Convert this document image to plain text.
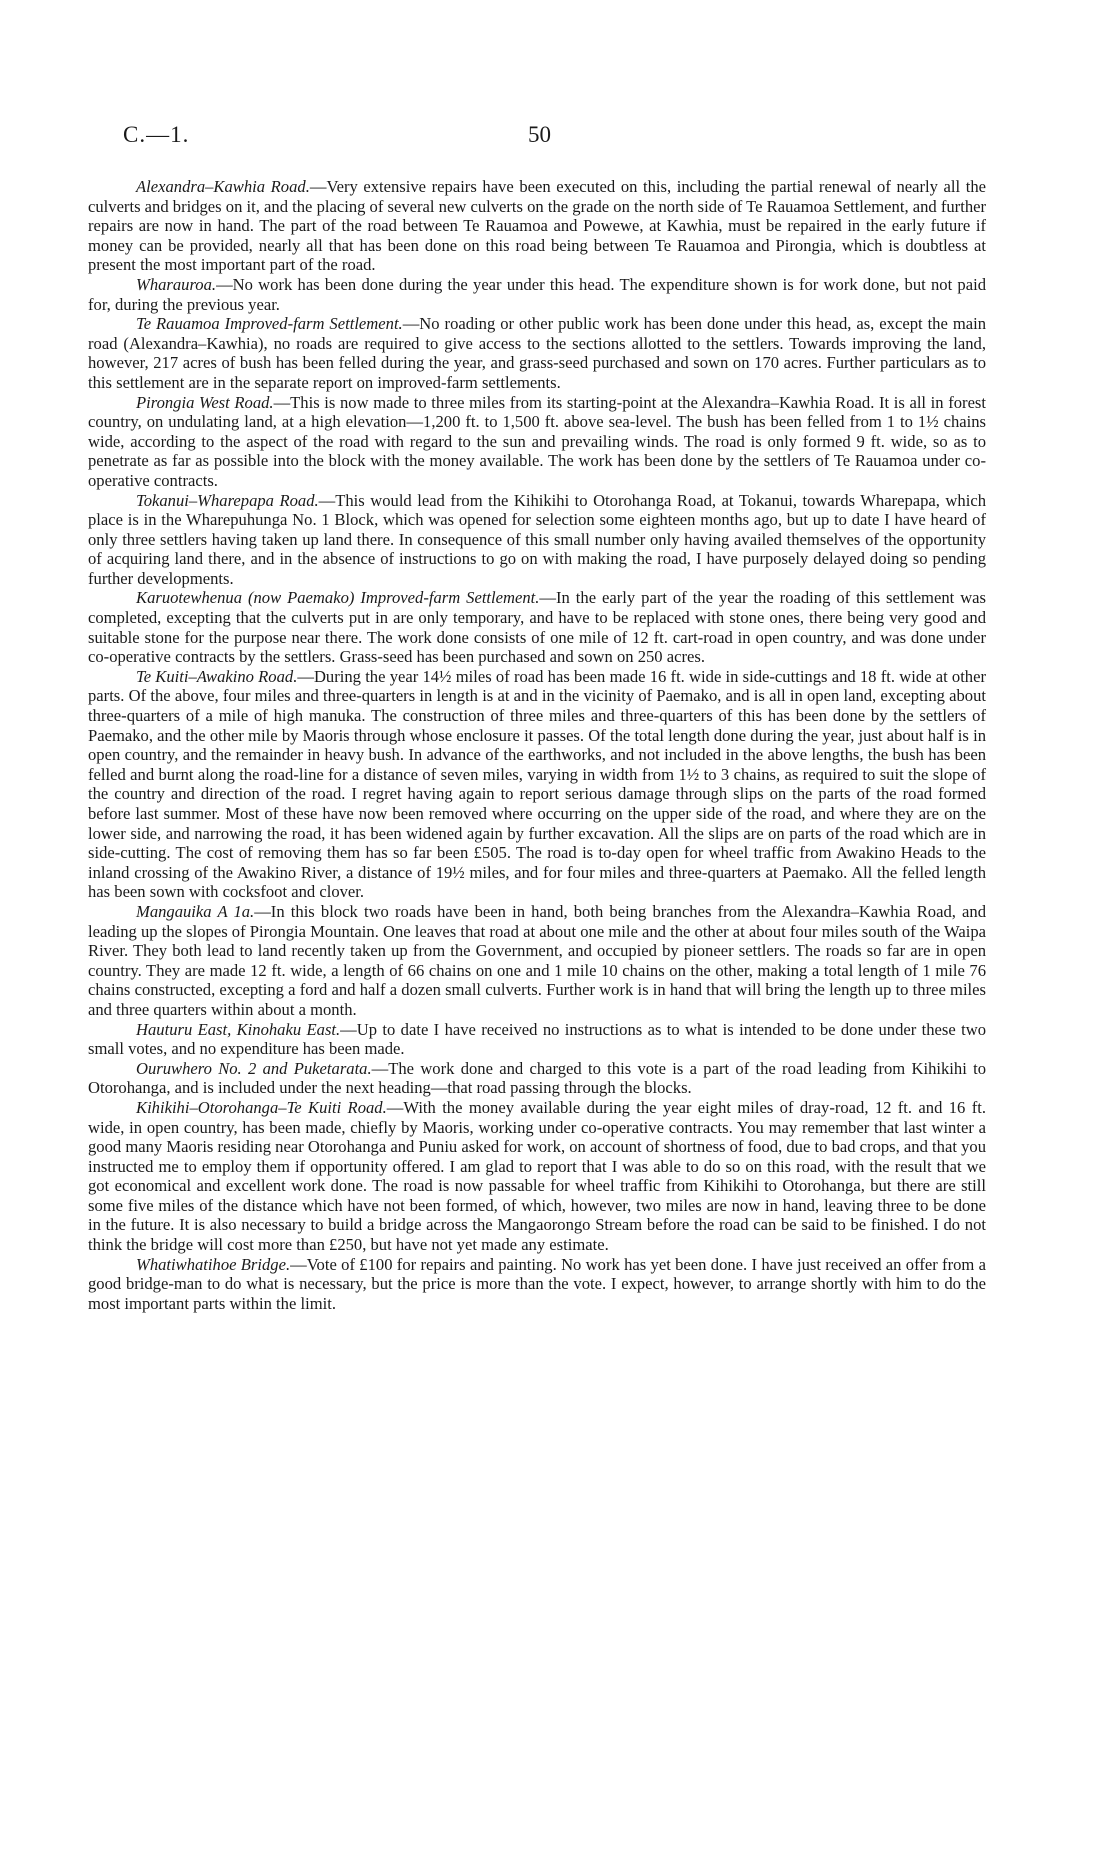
C.—1.	50

Alexandra–Kawhia Road.—Very extensive repairs have been executed on this, including the partial renewal of nearly all the culverts and bridges on it, and the placing of several new culverts on the grade on the north side of Te Rauamoa Settlement, and further repairs are now in hand. The part of the road between Te Rauamoa and Powewe, at Kawhia, must be repaired in the early future if money can be provided, nearly all that has been done on this road being between Te Rauamoa and Pirongia, which is doubtless at present the most important part of the road.

Wharauroa.—No work has been done during the year under this head. The expenditure shown is for work done, but not paid for, during the previous year.

Te Rauamoa Improved-farm Settlement.—No roading or other public work has been done under this head, as, except the main road (Alexandra–Kawhia), no roads are required to give access to the sections allotted to the settlers. Towards improving the land, however, 217 acres of bush has been felled during the year, and grass-seed purchased and sown on 170 acres. Further particulars as to this settlement are in the separate report on improved-farm settlements.

Pirongia West Road.—This is now made to three miles from its starting-point at the Alexandra–Kawhia Road. It is all in forest country, on undulating land, at a high elevation—1,200 ft. to 1,500 ft. above sea-level. The bush has been felled from 1 to 1½ chains wide, according to the aspect of the road with regard to the sun and prevailing winds. The road is only formed 9 ft. wide, so as to penetrate as far as possible into the block with the money available. The work has been done by the settlers of Te Rauamoa under co-operative contracts.

Tokanui–Wharepapa Road.—This would lead from the Kihikihi to Otorohanga Road, at Tokanui, towards Wharepapa, which place is in the Wharepuhunga No. 1 Block, which was opened for selection some eighteen months ago, but up to date I have heard of only three settlers having taken up land there. In consequence of this small number only having availed themselves of the opportunity of acquiring land there, and in the absence of instructions to go on with making the road, I have purposely delayed doing so pending further developments.

Karuotewhenua (now Paemako) Improved-farm Settlement.—In the early part of the year the roading of this settlement was completed, excepting that the culverts put in are only temporary, and have to be replaced with stone ones, there being very good and suitable stone for the purpose near there. The work done consists of one mile of 12 ft. cart-road in open country, and was done under co-operative contracts by the settlers. Grass-seed has been purchased and sown on 250 acres.

Te Kuiti–Awakino Road.—During the year 14½ miles of road has been made 16 ft. wide in side-cuttings and 18 ft. wide at other parts. Of the above, four miles and three-quarters in length is at and in the vicinity of Paemako, and is all in open land, excepting about three-quarters of a mile of high manuka. The construction of three miles and three-quarters of this has been done by the settlers of Paemako, and the other mile by Maoris through whose enclosure it passes. Of the total length done during the year, just about half is in open country, and the remainder in heavy bush. In advance of the earthworks, and not included in the above lengths, the bush has been felled and burnt along the road-line for a distance of seven miles, varying in width from 1½ to 3 chains, as required to suit the slope of the country and direction of the road. I regret having again to report serious damage through slips on the parts of the road formed before last summer. Most of these have now been removed where occurring on the upper side of the road, and where they are on the lower side, and narrowing the road, it has been widened again by further excavation. All the slips are on parts of the road which are in side-cutting. The cost of removing them has so far been £505. The road is to-day open for wheel traffic from Awakino Heads to the inland crossing of the Awakino River, a distance of 19½ miles, and for four miles and three-quarters at Paemako. All the felled length has been sown with cocksfoot and clover.

Mangauika A 1a.—In this block two roads have been in hand, both being branches from the Alexandra–Kawhia Road, and leading up the slopes of Pirongia Mountain. One leaves that road at about one mile and the other at about four miles south of the Waipa River. They both lead to land recently taken up from the Government, and occupied by pioneer settlers. The roads so far are in open country. They are made 12 ft. wide, a length of 66 chains on one and 1 mile 10 chains on the other, making a total length of 1 mile 76 chains constructed, excepting a ford and half a dozen small culverts. Further work is in hand that will bring the length up to three miles and three quarters within about a month.

Hauturu East, Kinohaku East.—Up to date I have received no instructions as to what is intended to be done under these two small votes, and no expenditure has been made.

Ouruwhero No. 2 and Puketarata.—The work done and charged to this vote is a part of the road leading from Kihikihi to Otorohanga, and is included under the next heading—that road passing through the blocks.

Kihikihi–Otorohanga–Te Kuiti Road.—With the money available during the year eight miles of dray-road, 12 ft. and 16 ft. wide, in open country, has been made, chiefly by Maoris, working under co-operative contracts. You may remember that last winter a good many Maoris residing near Otorohanga and Puniu asked for work, on account of shortness of food, due to bad crops, and that you instructed me to employ them if opportunity offered. I am glad to report that I was able to do so on this road, with the result that we got economical and excellent work done. The road is now passable for wheel traffic from Kihikihi to Otorohanga, but there are still some five miles of the distance which have not been formed, of which, however, two miles are now in hand, leaving three to be done in the future. It is also necessary to build a bridge across the Mangaorongo Stream before the road can be said to be finished. I do not think the bridge will cost more than £250, but have not yet made any estimate.

Whatiwhatihoe Bridge.—Vote of £100 for repairs and painting. No work has yet been done. I have just received an offer from a good bridge-man to do what is necessary, but the price is more than the vote. I expect, however, to arrange shortly with him to do the most important parts within the limit.
